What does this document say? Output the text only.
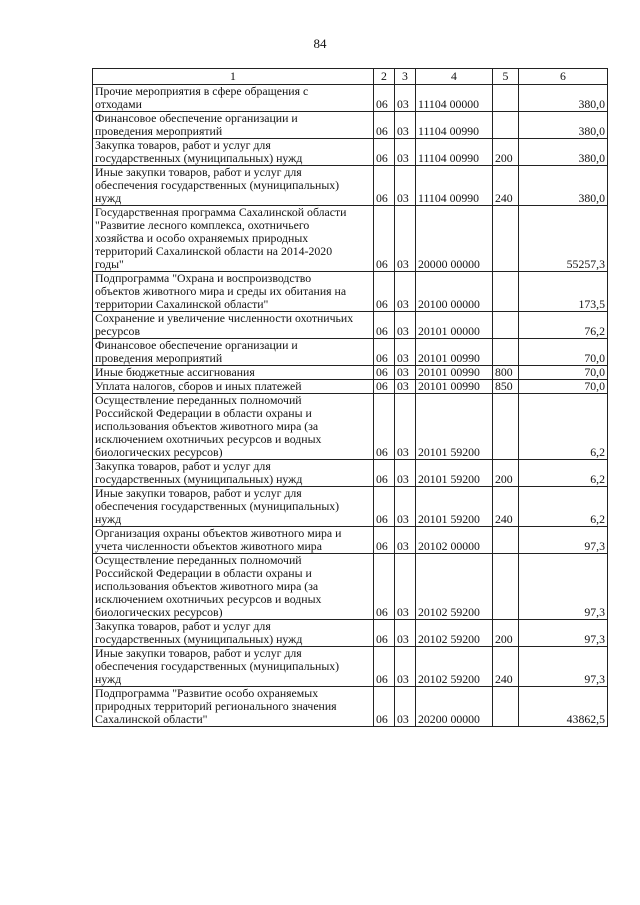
84
1	2	3	4	5	6
Прочие мероприятия в сфере обращения с
отходами	06	03	11104 00000		380,0
Финансовое обеспечение организации и
проведения мероприятий	06	03	11104 00990		380,0
Закупка товаров, работ и услуг для
государственных (муниципальных) нужд	06	03	11104 00990	200	380,0
Иные закупки товаров, работ и услуг для
обеспечения государственных (муниципальных)
нужд	06	03	11104 00990	240	380,0
Государственная программа Сахалинской области
"Развитие лесного комплекса, охотничьего
хозяйства и особо охраняемых природных
территорий Сахалинской области на 2014-2020
годы"	06	03	20000 00000		55257,3
Подпрограмма "Охрана и воспроизводство
объектов животного мира и среды их обитания на
территории Сахалинской области"	06	03	20100 00000		173,5
Сохранение и увеличение численности охотничьих
ресурсов	06	03	20101 00000		76,2
Финансовое обеспечение организации и
проведения мероприятий	06	03	20101 00990		70,0
Иные бюджетные ассигнования	06	03	20101 00990	800	70,0
Уплата налогов, сборов и иных платежей	06	03	20101 00990	850	70,0
Осуществление переданных полномочий
Российской Федерации в области охраны и
использования объектов животного мира (за
исключением охотничьих ресурсов и водных
биологических ресурсов)	06	03	20101 59200		6,2
Закупка товаров, работ и услуг для
государственных (муниципальных) нужд	06	03	20101 59200	200	6,2
Иные закупки товаров, работ и услуг для
обеспечения государственных (муниципальных)
нужд	06	03	20101 59200	240	6,2
Организация охраны объектов животного мира и
учета численности объектов животного мира	06	03	20102 00000		97,3
Осуществление переданных полномочий
Российской Федерации в области охраны и
использования объектов животного мира (за
исключением охотничьих ресурсов и водных
биологических ресурсов)	06	03	20102 59200		97,3
Закупка товаров, работ и услуг для
государственных (муниципальных) нужд	06	03	20102 59200	200	97,3
Иные закупки товаров, работ и услуг для
обеспечения государственных (муниципальных)
нужд	06	03	20102 59200	240	97,3
Подпрограмма "Развитие особо охраняемых
природных территорий регионального значения
Сахалинской области"	06	03	20200 00000		43862,5
